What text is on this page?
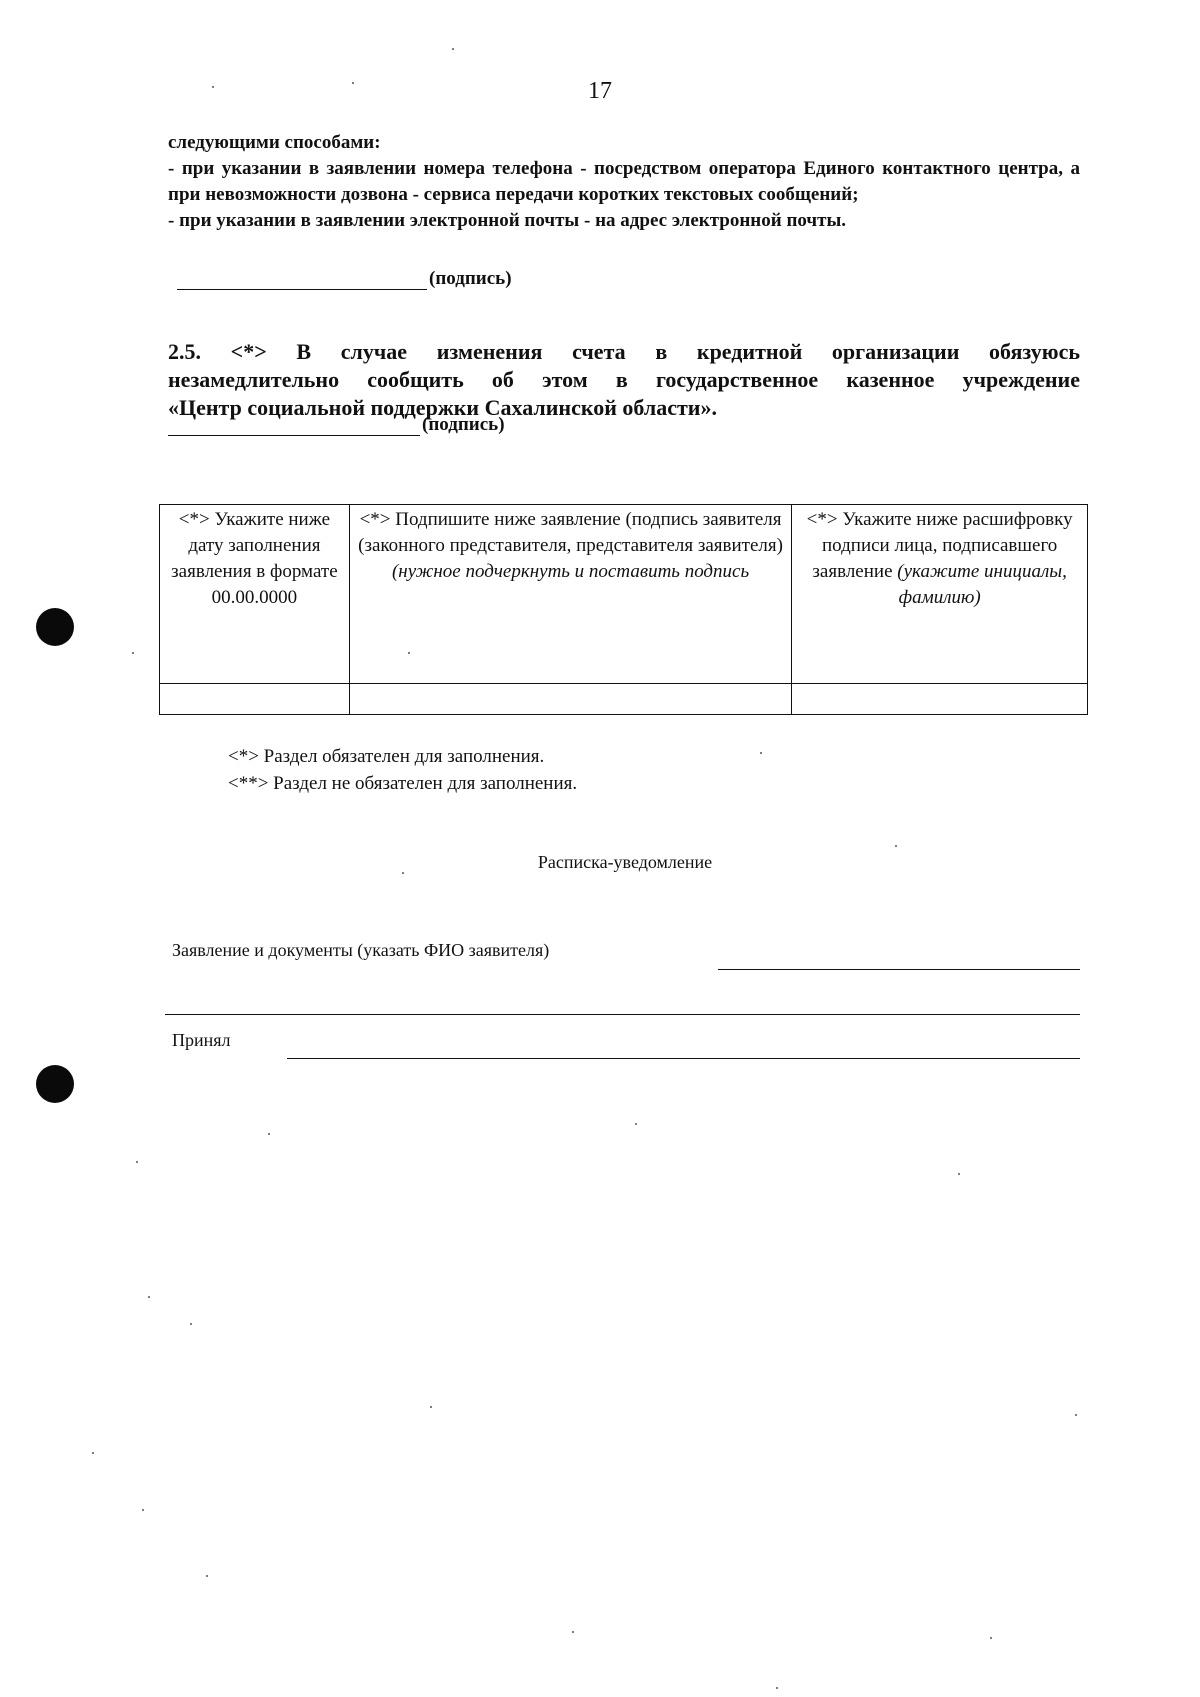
17

следующими способами:

- при указании в заявлении номера телефона - посредством оператора Единого контактного центра, а при невозможности дозвона - сервиса передачи коротких текстовых сообщений;

- при указании в заявлении электронной почты - на адрес электронной почты.

(подпись)

2.5. <*> В случае изменения счета в кредитной организации обязуюсь

незамедлительно сообщить об этом в государственное казенное учреждение

«Центр социальной поддержки Сахалинской области».

(подпись)
<*> Укажите ниже дату заполнения заявления в формате 00.00.0000	<*> Подпишите ниже заявление (подпись заявителя (законного представителя, представителя заявителя) (нужное подчеркнуть и поставить подпись	<*> Укажите ниже расшифровку подписи лица, подписавшего заявление (укажите инициалы, фамилию)

<*> Раздел обязателен для заполнения.
<**> Раздел не обязателен для заполнения.
Расписка-уведомление
Заявление и документы (указать ФИО заявителя)
Принял
